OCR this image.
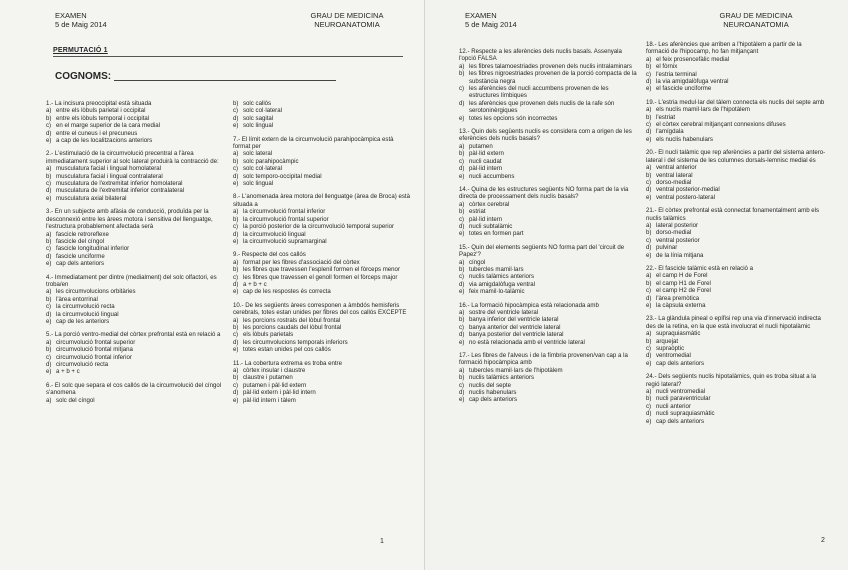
EXAMEN
5 de Maig 2014
GRAU DE MEDICINA
NEUROANATOMIA
PERMUTACIÓ 1
COGNOMS:

1.- La incisura preoccipital està situada

a) entre els lòbuls parietal i occipital
b) entre els lòbuls temporal i occipital
c) en el marge superior de la cara medial
d) entre el cuneus i el precuneus
e) a cap de les localitzacions anteriors

2.- L'estimulació de la circumvolució precentral a l'àrea immediatament superior al solc lateral produirà la contracció de:

a) musculatura facial i lingual homolateral
b) musculatura facial i lingual contralateral
c) musculatura de l'extremitat inferior homolateral
d) musculatura de l'extremitat inferior contralateral
e) musculatura axial bilateral

3.- En un subjecte amb afàsia de conducció, produïda per la desconnexió entre les àrees motora i sensitiva del llenguatge, l'estructura probablement afectada serà

a) fascicle retroreflexe
b) fascicle del cíngol
c) fascicle longitudinal inferior
d) fascicle unciforme
e) cap dels anteriors

4.- Immediatament per dintre (medialment) del solc olfactori, es troba/en

a) les circumvolucions orbitàries
b) l'àrea entorrinal
c) la circumvolució recta
d) la circumvolució lingual
e) cap de les anteriors

5.- La porció ventro-medial del còrtex prefrontal està en relació a

a) circumvolució frontal superior
b) circumvolució frontal mitjana
c) circumvolució frontal inferior
d) circumvolució recta
e) a + b + c

6.- El solc que separa el cos callós de la circumvolució del cíngol s'anomena

a) solc del cíngol
b) solc callós
c) solc col·lateral
d) solc sagital
e) solc lingual

7.- El límit extern de la circumvolució parahipocàmpica està format per

a) solc lateral
b) solc parahipocàmpic
c) solc col·lateral
d) solc temporo-occipital medial
e) solc lingual

8.- L'anomenada àrea motora del llenguatge (àrea de Broca) està situada a

a) la circumvolució frontal inferior
b) la circumvolució frontal superior
c) la porció posterior de la circumvolució temporal superior
d) la circumvolució lingual
e) la circumvolució supramarginal

9.- Respecte del cos callós

a) format per les fibres d'associació del còrtex
b) les fibres que travessen l'esplenil formen el fòrceps menor
c) les fibres que travessen el genoll formen el fòrceps major
d) a + b + c
e) cap de les respostes és correcta

10.- De les següents àrees corresponen a àmbdós hemisferis cerebrals, totes estan unides per fibres del cos callós EXCEPTE

a) les porcions rostrals del lòbul frontal
b) les porcions caudals del lòbul frontal
c) els lòbuls parietals
d) les circumvolucions temporals inferiors
e) totes estan unides pel cos callós

11.- La cobertura extrema es troba entre

a) còrtex insular i claustre
b) claustre i putamen
c) putamen i pàl·lid extern
d) pàl·lid extern i pàl·lid intern
e) pàl·lid intern i tàlem
1
EXAMEN
5 de Maig 2014
GRAU DE MEDICINA
NEUROANATOMIA

12.- Respecte a les aferències dels nuclis basals. Assenyala l'opció FALSA

a) les fibres talamoestriades provenen dels nuclis intralaminars
b) les fibres nigroestriades provenen de la porció compacta de la substància negra
c) les aferències del nucli accumbens provenen de les estructures límbiques
d) les aferències que provenen dels nuclis de la rafe són serotoninèrgiques
e) totes les opcions són incorrectes

13.- Quin dels següents nuclis es considera com a origen de les eferències dels nuclis basals?

a) putamen
b) pàl·lid extern
c) nucli caudat
d) pàl·lid intern
e) nucli accumbens

14.- Quina de les estructures següents NO forma part de la via directa de processament dels nuclis basals?

a) còrtex cerebral
b) estriat
c) pàl·lid intern
d) nucli subtalàmic
e) totes en formen part

15.- Quin del elements següents NO forma part del 'circuit de Papez'?

a) cíngol
b) tubercles mamil·lars
c) nuclis talàmics anteriors
d) via amigdalòfuga ventral
e) feix mamil·lo-talàmic

16.- La formació hipocàmpica està relacionada amb

a) sostre del ventricle lateral
b) banya inferior del ventricle lateral
c) banya anterior del ventricle lateral
d) banya posterior del ventricle lateral
e) no està relacionada amb el ventricle lateral

17.- Les fibres de l'alveus i de la fímbria provenen/van cap a la formació hipocàmpica amb

a) tubercles mamil·lars de l'hipotàlem
b) nuclis talàmics anteriors
c) nuclis del septe
d) nuclis habenulars
e) cap dels anteriors

18.- Les aferències que arriben a l'hipotàlem a partir de la formació de l'hipocamp, ho fan mitjançant

a) el feix prosencefàlic medial
b) el fòrnix
c) l'estria terminal
d) la via amigdalòfuga ventral
e) el fascicle unciforme

19.- L'estria medul·lar del tàlem connecta els nuclis del septe amb

a) els nuclis mamil·lars de l'hipotàlem
b) l'estriat
c) el còrtex cerebral mitjançant connexions difuses
d) l'amígdala
e) els nuclis habenulars

20.- El nucli talàmic que rep aferències a partir del sistema antero-lateral i del sistema de les columnes dorsals-lemnisc medial és

a) ventral anterior
b) ventral lateral
c) dorso-medial
d) ventral posterior-medial
e) ventral postero-lateral

21.- El còrtex prefrontal està connectat fonamentalment amb els nuclis talàmics

a) lateral posterior
b) dorso-medial
c) ventral posterior
d) pulvinar
e) de la línia mitjana

22.- El fascicle talàmic està en relació a

a) el camp H de Forel
b) el camp H1 de Forel
c) el camp H2 de Forel
d) l'àrea premòtica
e) la càpsula externa

23.- La glàndula pineal o epífisi rep una via d'innervació indirecta des de la retina, en la que està involucrat el nucli hipotalàmic

a) supraquiasmàtic
b) arquejat
c) supraòptic
d) ventromedial
e) cap dels anteriors

24.- Dels següents nuclis hipotalàmics, quin es troba situat a la regió lateral?

a) nucli ventromedial
b) nucli paraventricular
c) nucli anterior
d) nucli supraquiasmàtic
e) cap dels anteriors
2
